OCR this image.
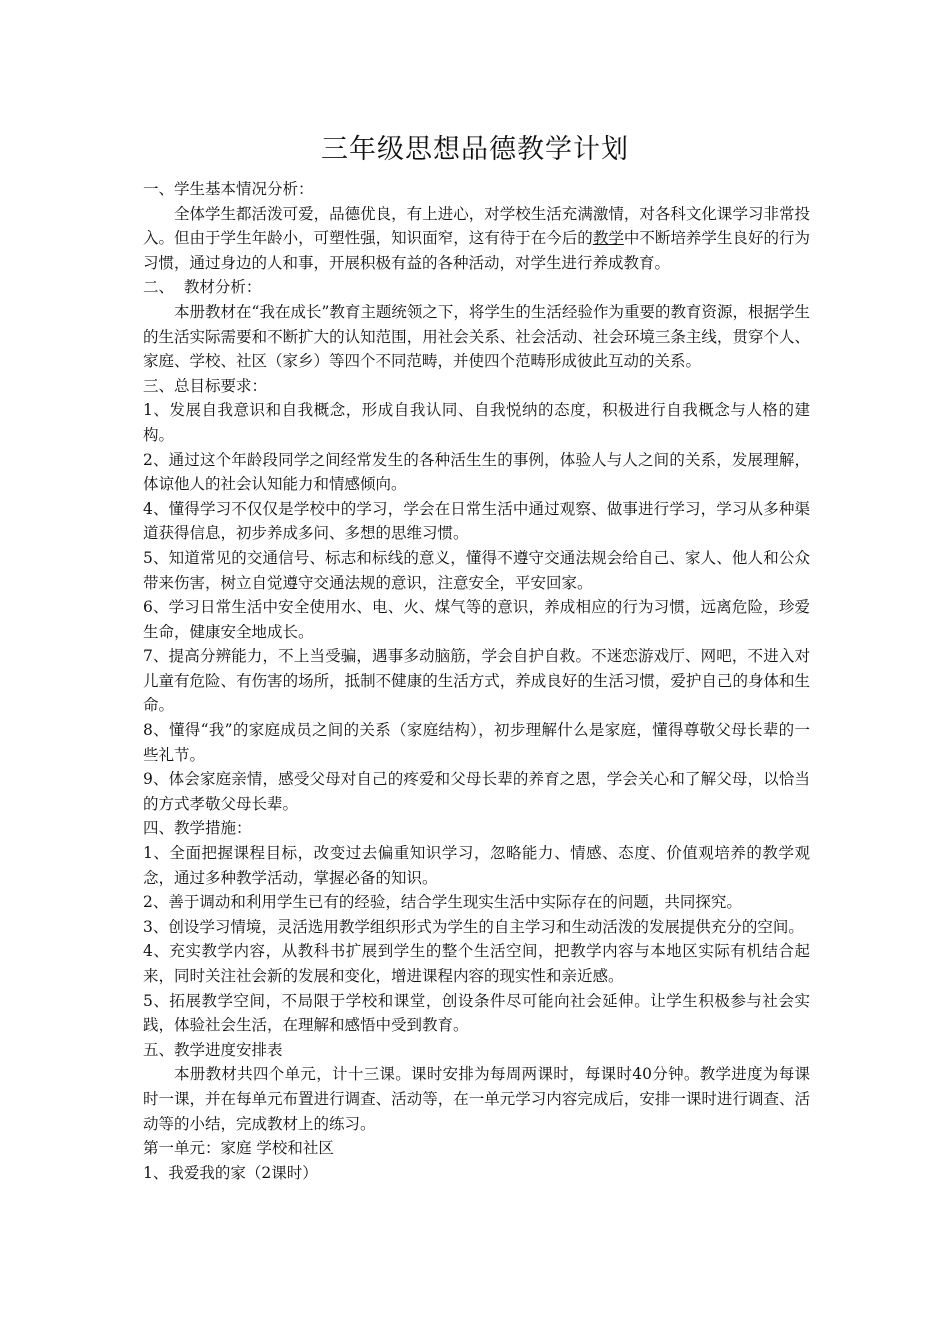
三年级思想品德教学计划

一、学生基本情况分析：

全体学生都活泼可爱，品德优良，有上进心，对学校生活充满激情，对各科文化课学习非常投入。但由于学生年龄小，可塑性强，知识面窄，这有待于在今后的教学中不断培养学生良好的行为习惯，通过身边的人和事，开展积极有益的各种活动，对学生进行养成教育。

二、  教材分析：

本册教材在“我在成长”教育主题统领之下，将学生的生活经验作为重要的教育资源，根据学生的生活实际需要和不断扩大的认知范围，用社会关系、社会活动、社会环境三条主线，贯穿个人、家庭、学校、社区（家乡）等四个不同范畴，并使四个范畴形成彼此互动的关系。

三、总目标要求：

1、发展自我意识和自我概念，形成自我认同、自我悦纳的态度，积极进行自我概念与人格的建构。

2、通过这个年龄段同学之间经常发生的各种活生生的事例，体验人与人之间的关系，发展理解，体谅他人的社会认知能力和情感倾向。

4、懂得学习不仅仅是学校中的学习，学会在日常生活中通过观察、做事进行学习，学习从多种渠道获得信息，初步养成多问、多想的思维习惯。

5、知道常见的交通信号、标志和标线的意义，懂得不遵守交通法规会给自己、家人、他人和公众带来伤害，树立自觉遵守交通法规的意识，注意安全，平安回家。

6、学习日常生活中安全使用水、电、火、煤气等的意识，养成相应的行为习惯，远离危险，珍爱生命，健康安全地成长。

7、提高分辨能力，不上当受骗，遇事多动脑筋，学会自护自救。不迷恋游戏厅、网吧，不进入对儿童有危险、有伤害的场所，抵制不健康的生活方式，养成良好的生活习惯，爱护自己的身体和生命。

8、懂得“我”的家庭成员之间的关系（家庭结构），初步理解什么是家庭，懂得尊敬父母长辈的一些礼节。

9、体会家庭亲情，感受父母对自己的疼爱和父母长辈的养育之恩，学会关心和了解父母，以恰当的方式孝敬父母长辈。

四、教学措施：

1、全面把握课程目标，改变过去偏重知识学习，忽略能力、情感、态度、价值观培养的教学观念，通过多种教学活动，掌握必备的知识。

2、善于调动和利用学生已有的经验，结合学生现实生活中实际存在的问题，共同探究。

3、创设学习情境，灵活选用教学组织形式为学生的自主学习和生动活泼的发展提供充分的空间。

4、充实教学内容，从教科书扩展到学生的整个生活空间，把教学内容与本地区实际有机结合起来，同时关注社会新的发展和变化，增进课程内容的现实性和亲近感。

5、拓展教学空间，不局限于学校和课堂，创设条件尽可能向社会延伸。让学生积极参与社会实践，体验社会生活，在理解和感悟中受到教育。

五、教学进度安排表

本册教材共四个单元，计十三课。课时安排为每周两课时，每课时40分钟。教学进度为每课时一课，并在每单元布置进行调查、活动等，在一单元学习内容完成后，安排一课时进行调查、活动等的小结，完成教材上的练习。

第一单元：家庭 学校和社区

1、我爱我的家（2课时）
